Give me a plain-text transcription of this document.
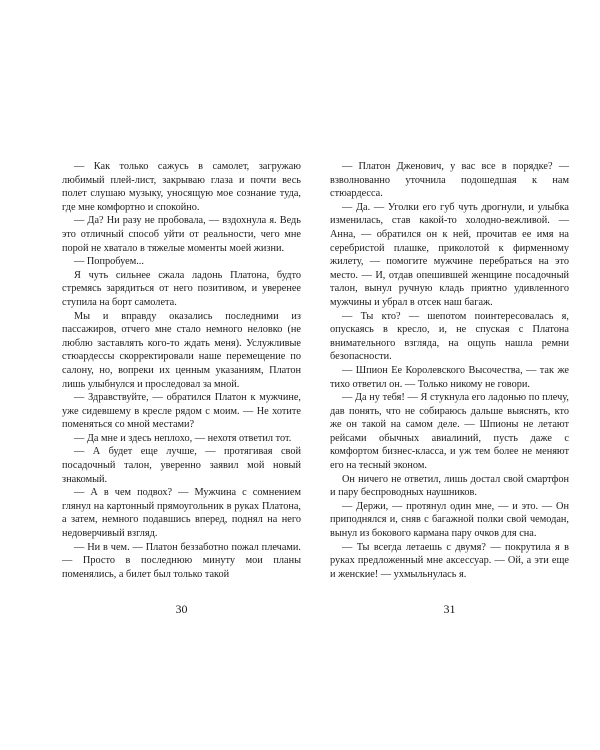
— Как только сажусь в самолет, загружаю любимый плей-лист, закрываю глаза и почти весь полет слушаю музыку, уносящую мое сознание туда, где мне комфортно и спокойно.

— Да? Ни разу не пробовала, — вздохнула я. Ведь это отличный способ уйти от реальности, чего мне порой не хватало в тяжелые моменты моей жизни.

— Попробуем...

Я чуть сильнее сжала ладонь Платона, будто стремясь зарядиться от него позитивом, и уверенее ступила на борт самолета.

Мы и вправду оказались последними из пассажиров, отчего мне стало немного неловко (не люблю заставлять кого-то ждать меня). Услужливые стюардессы скорректировали наше перемещение по салону, но, вопреки их ценным указаниям, Платон лишь улыбнулся и проследовал за мной.

— Здравствуйте, — обратился Платон к мужчине, уже сидевшему в кресле рядом с моим. — Не хотите поменяться со мной местами?

— Да мне и здесь неплохо, — нехотя ответил тот.

— А будет еще лучше, — протягивая свой посадочный талон, уверенно заявил мой новый знакомый.

— А в чем подвох? — Мужчина с сомнением глянул на картонный прямоугольник в руках Платона, а затем, немного подавшись вперед, поднял на него недоверчивый взгляд.

— Ни в чем. — Платон беззаботно пожал плечами. — Просто в последнюю минуту мои планы поменялись, а билет был только такой

30

— Платон Дженович, у вас все в порядке? — взволнованно уточнила подошедшая к нам стюардесса.

— Да. — Уголки его губ чуть дрогнули, и улыбка изменилась, став какой-то холодно-вежливой. — Анна, — обратился он к ней, прочитав ее имя на серебристой плашке, приколотой к фирменному жилету, — помогите мужчине перебраться на это место. — И, отдав опешившей женщине посадочный талон, вынул ручную кладь приятно удивленного мужчины и убрал в отсек наш багаж.

— Ты кто? — шепотом поинтересовалась я, опускаясь в кресло, и, не спуская с Платона внимательного взгляда, на ощупь нашла ремни безопасности.

— Шпион Ее Королевского Высочества, — так же тихо ответил он. — Только никому не говори.

— Да ну тебя! — Я стукнула его ладонью по плечу, дав понять, что не собираюсь дальше выяснять, кто же он такой на самом деле. — Шпионы не летают рейсами обычных авиалиний, пусть даже с комфортом бизнес-класса, и уж тем более не меняют его на тесный эконом.

Он ничего не ответил, лишь достал свой смартфон и пару беспроводных наушников.

— Держи, — протянул один мне, — и это. — Он приподнялся и, сняв с багажной полки свой чемодан, вынул из бокового кармана пару очков для сна.

— Ты всегда летаешь с двумя? — покрутила я в руках предложенный мне аксессуар. — Ой, а эти еще и женские! — ухмыльнулась я.

31
